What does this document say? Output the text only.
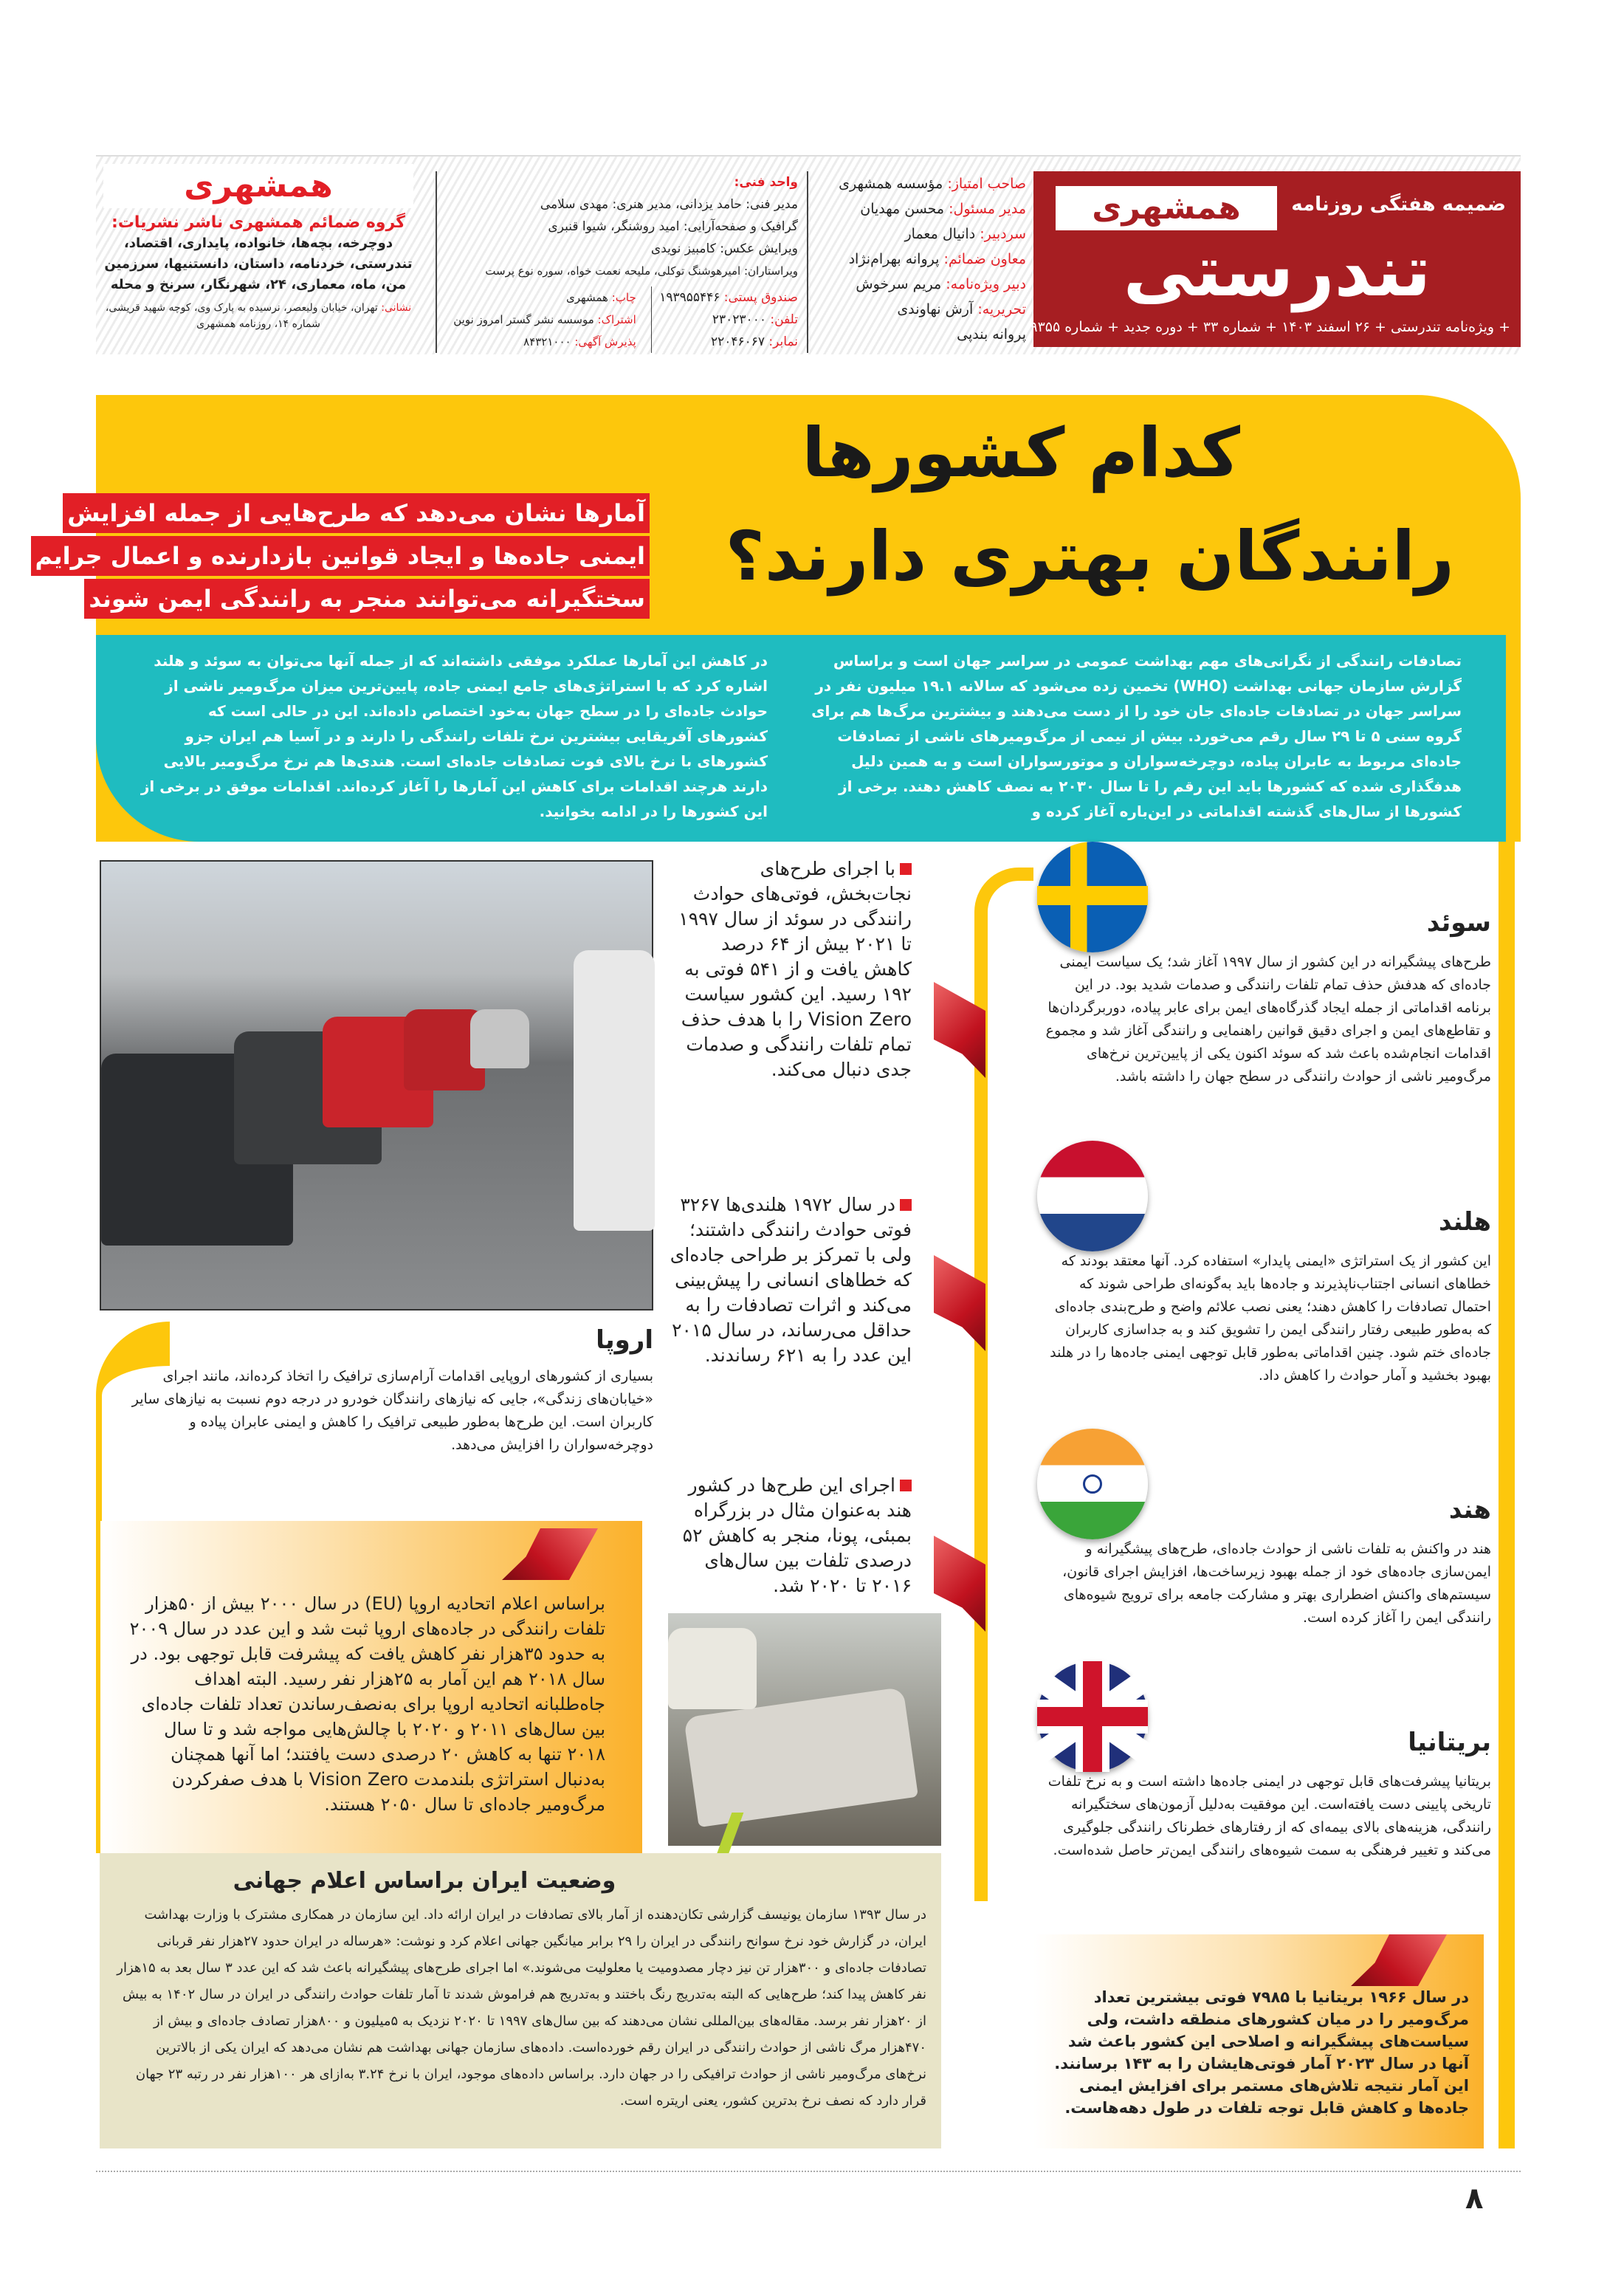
همشهری	ضمیمه هفتگی روزنامه
تندرستی
+ ویژه‌نامه تندرستی + ۲۶ اسفند ۱۴۰۳ + شماره ۳۳ + دوره جدید + شماره ۹۳۵۵
صاحب امتیاز: مؤسسه همشهری
مدیر مسئول: محسن مهدیان
سردبیر: دانیال معمار
معاون ضمائم: پروانه بهرام‌نژاد
دبیر ویژه‌نامه: مریم سرخوش
تحریریه: آرش نهاوندی
پروانه بندپی
واحد فنی:
مدیر فنی: حامد یزدانی، مدیر هنری: مهدی سلامی
گرافیک و صفحه‌آرایی: امید روشنگر، شیوا قنبری
ویرایش عکس: کامبیز نویدی
ویراستاران: امیرهوشنگ توکلی، ملیحه نعمت خواه، سوره نوع پرست
صندوق پستی: ۱۹۳۹۵۵۴۴۶
تلفن: ۲۳۰۲۳۰۰۰
نمابر: ۲۲۰۴۶۰۶۷
چاپ: همشهری
اشتراک: موسسه نشر گستر امروز نوین
پذیرش آگهی: ۸۴۳۲۱۰۰۰
همشهری
گروه ضمائم همشهری ناشر نشریات:
دوچرخه، بچه‌ها، خانواده، پایداری، اقتصاد، تندرستی، خردنامه، داستان، دانستنیها، سرزمین من، ماه، معماری، ۲۴، شهرنگار، سرنخ و محله
نشانی: تهران، خیابان ولیعصر، نرسیده به پارک وی، کوچه شهید قریشی، شماره ۱۴، روزنامه همشهری
کدام کشورها
رانندگان بهتری دارند؟
آمارها نشان می‌دهد که طرح‌هایی از جمله افزایش
ایمنی جاده‌ها و ایجاد قوانین بازدارنده و اعمال جرایم
سختگیرانه می‌توانند منجر به رانندگی ایمن شوند
تصادفات رانندگی از نگرانی‌های مهم بهداشت عمومی در سراسر جهان است و براساس گزارش سازمان جهانی بهداشت (WHO) تخمین زده می‌شود که سالانه ۱۹.۱ میلیون نفر در سراسر جهان در تصادفات جاده‌ای جان خود را از دست می‌دهند و بیشترین مرگ‌ها هم برای گروه سنی ۵ تا ۲۹ سال رقم می‌خورد. بیش از نیمی از مرگ‌ومیرهای ناشی از تصادفات جاده‌ای مربوط به عابران پیاده، دوچرخه‌سواران و موتورسواران است و به همین دلیل هدفگذاری شده که کشورها باید این رقم را تا سال ۲۰۳۰ به نصف کاهش دهند. برخی از کشورها از سال‌های گذشته اقداماتی در این‌باره آغاز کرده و
در کاهش این آمارها عملکرد موفقی داشته‌اند که از جمله آنها می‌توان به سوئد و هلند اشاره کرد که با استراتژی‌های جامع ایمنی جاده، پایین‌ترین میزان مرگ‌ومیر ناشی از حوادث جاده‌ای را در سطح جهان به‌خود اختصاص داده‌اند. این در حالی است که کشورهای آفریقایی بیشترین نرخ تلفات رانندگی را دارند و در آسیا هم ایران جزو کشورهای با نرخ بالای فوت تصادفات جاده‌ای است. هندی‌ها هم نرخ مرگ‌ومیر بالایی دارند هرچند اقدامات برای کاهش این آمارها را آغاز کرده‌اند. اقدامات موفق در برخی از این کشورها را در ادامه بخوانید.
سوئد

طرح‌های پیشگیرانه در این کشور از سال ۱۹۹۷ آغاز شد؛ یک سیاست ایمنی جاده‌ای که هدفش حذف تمام تلفات رانندگی و صدمات شدید بود. در این برنامه اقداماتی از جمله ایجاد گذرگاه‌های ایمن برای عابر پیاده، دوربرگردان‌ها و تقاطع‌های ایمن و اجرای دقیق قوانین راهنمایی و رانندگی آغاز شد و مجموع اقدامات انجام‌شده باعث شد که سوئد اکنون یکی از پایین‌ترین نرخ‌های مرگ‌ومیر ناشی از حوادث رانندگی در سطح جهان را داشته باشد.

هلند

این کشور از یک استراتژی «ایمنی پایدار» استفاده کرد. آنها معتقد بودند که خطاهای انسانی اجتناب‌ناپذیرند و جاده‌ها باید به‌گونه‌ای طراحی شوند که احتمال تصادفات را کاهش دهند؛ یعنی نصب علائم واضح و طرح‌بندی جاده‌ای که به‌طور طبیعی رفتار رانندگی ایمن را تشویق کند و به جداسازی کاربران جاده‌ای ختم شود. چنین اقداماتی به‌طور قابل توجهی ایمنی جاده‌ها را در هلند بهبود بخشید و آمار حوادث را کاهش داد.

هند

هند در واکنش به تلفات ناشی از حوادث جاده‌ای، طرح‌های پیشگیرانه و ایمن‌سازی جاده‌های خود از جمله بهبود زیرساخت‌ها، افزایش اجرای قانون، سیستم‌های واکنش اضطراری بهتر و مشارکت جامعه برای ترویج شیوه‌های رانندگی ایمن را آغاز کرده است.

بریتانیا

بریتانیا پیشرفت‌های قابل توجهی در ایمنی جاده‌ها داشته است و به نرخ تلفات تاریخی پایینی دست یافته‌است. این موفقیت به‌دلیل آزمون‌های سختگیرانه رانندگی، هزینه‌های بالای بیمه‌ای که از رفتارهای خطرناک رانندگی جلوگیری می‌کند و تغییر فرهنگی به سمت شیوه‌های رانندگی ایمن‌تر حاصل شده‌است.

با اجرای طرح‌های نجات‌بخش، فوتی‌های حوادث رانندگی در سوئد از سال ۱۹۹۷ تا ۲۰۲۱ بیش از ۶۴ درصد کاهش یافت و از ۵۴۱ فوتی به ۱۹۲ رسید. این کشور سیاست Vision Zero را با هدف حذف تمام تلفات رانندگی و صدمات جدی دنبال می‌کند.
در سال ۱۹۷۲ هلندی‌ها ۳۲۶۷ فوتی حوادث رانندگی داشتند؛ ولی با تمرکز بر طراحی جاده‌ای که خطاهای انسانی را پیش‌بینی می‌کند و اثرات تصادفات را به حداقل می‌رساند، در سال ۲۰۱۵ این عدد را به ۶۲۱ رساندند.
اجرای این طرح‌ها در کشور هند به‌عنوان مثال در بزرگراه بمبئی، پونا، منجر به کاهش ۵۲ درصدی تلفات بین سال‌های ۲۰۱۶ تا ۲۰۲۰ شد.
اروپا

بسیاری از کشورهای اروپایی اقدامات آرام‌سازی ترافیک را اتخاذ کرده‌اند، مانند اجرای «خیابان‌های زندگی»، جایی که نیازهای رانندگان خودرو در درجه دوم نسبت به نیازهای سایر کاربران است. این طرح‌ها به‌طور طبیعی ترافیک را کاهش و ایمنی عابران پیاده و دوچرخه‌سواران را افزایش می‌دهد.

براساس اعلام اتحادیه اروپا (EU) در سال ۲۰۰۰ بیش از ۵۰هزار تلفات رانندگی در جاده‌های اروپا ثبت شد و این عدد در سال ۲۰۰۹ به حدود ۳۵هزار نفر کاهش یافت که پیشرفت قابل توجهی بود. در سال ۲۰۱۸ هم این آمار به ۲۵هزار نفر رسید. البته اهداف جاه‌طلبانه اتحادیه اروپا برای به‌نصف‌رساندن تعداد تلفات جاده‌ای بین سال‌های ۲۰۱۱ و ۲۰۲۰ با چالش‌هایی مواجه شد و تا سال ۲۰۱۸ تنها به کاهش ۲۰ درصدی دست یافتند؛ اما آنها همچنان به‌دنبال استراتژی بلندمدت Vision Zero با هدف صفرکردن مرگ‌ومیر جاده‌ای تا سال ۲۰۵۰ هستند.
وضعیت ایران براساس اعلام جهانی

در سال ۱۳۹۳ سازمان یونیسف گزارشی تکان‌دهنده از آمار بالای تصادفات در ایران ارائه داد. این سازمان در همکاری مشترک با وزارت بهداشت ایران، در گزارش خود نرخ سوانح رانندگی در ایران را ۲۹ برابر میانگین جهانی اعلام کرد و نوشت: «هرساله در ایران حدود ۲۷هزار نفر قربانی تصادفات جاده‌ای و ۳۰۰هزار تن نیز دچار مصدومیت یا معلولیت می‌شوند.» اما اجرای طرح‌های پیشگیرانه باعث شد که این عدد ۳ سال بعد به ۱۵هزار نفر کاهش پیدا کند؛ طرح‌هایی که البته به‌تدریج رنگ باختند و به‌تدریج هم فراموش شدند تا آمار تلفات حوادث رانندگی در ایران در سال ۱۴۰۲ به بیش از ۲۰هزار نفر برسد. مقاله‌های بین‌المللی نشان می‌دهند که بین سال‌های ۱۹۹۷ تا ۲۰۲۰ نزدیک به ۵میلیون و ۸۰۰هزار تصادف جاده‌ای و بیش از ۴۷۰هزار مرگ ناشی از حوادث رانندگی در ایران رقم خورده‌است. داده‌های سازمان جهانی بهداشت هم نشان می‌دهد که ایران یکی از بالاترین نرخ‌های مرگ‌ومیر ناشی از حوادث ترافیکی را در جهان دارد. براساس داده‌های موجود، ایران با نرخ ۳.۲۴ به‌ازای هر ۱۰۰هزار نفر در رتبه ۲۳ جهان قرار دارد که نصف نرخ بدترین کشور، یعنی اریتره است.

در سال ۱۹۶۶ بریتانیا با ۷۹۸۵ فوتی بیشترین تعداد مرگ‌ومیر را در میان کشورهای منطقه داشت، ولی سیاست‌های پیشگیرانه و اصلاحی این کشور باعث شد آنها در سال ۲۰۲۳ آمار فوتی‌هایشان را به ۱۴۳ برسانند. این آمار نتیجه تلاش‌های مستمر برای افزایش ایمنی جاده‌ها و کاهش قابل توجه تلفات در طول دهه‌هاست.
۸
